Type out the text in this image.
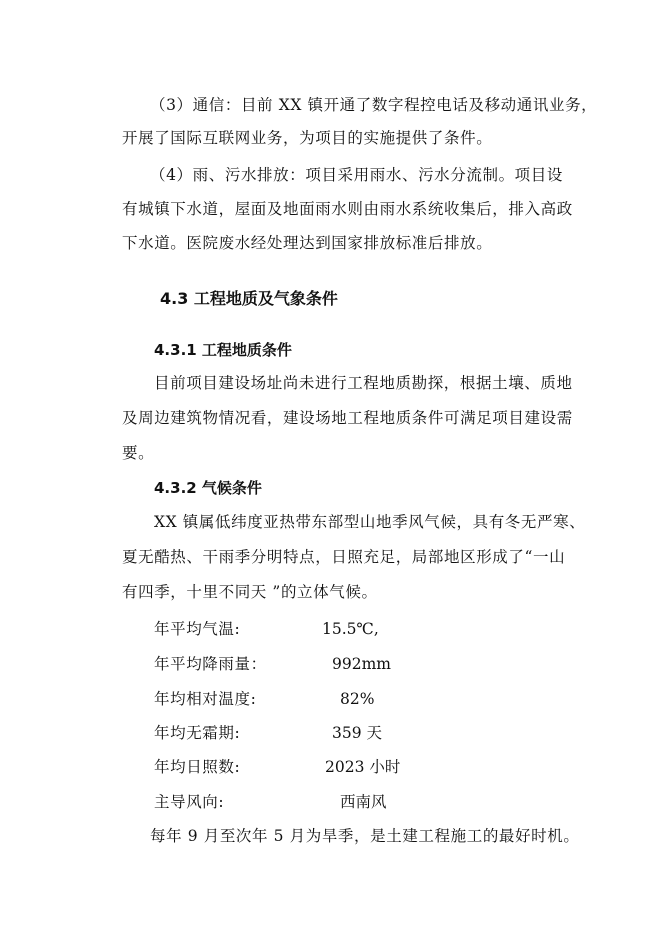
（3）通信：目前 XX 镇开通了数字程控电话及移动通讯业务，
开展了国际互联网业务，为项目的实施提供了条件。
（4）雨、污水排放：项目采用雨水、污水分流制。项目设
有城镇下水道，屋面及地面雨水则由雨水系统收集后，排入高政
下水道。医院废水经处理达到国家排放标准后排放。
4.3 工程地质及气象条件
4.3.1 工程地质条件
目前项目建设场址尚未进行工程地质勘探，根据土壤、质地
及周边建筑物情况看，建设场地工程地质条件可满足项目建设需
要。
4.3.2 气候条件
XX 镇属低纬度亚热带东部型山地季风气候，具有冬无严寒、
夏无酷热、干雨季分明特点，日照充足，局部地区形成了“一山
有四季，十里不同天 ”的立体气候。
年平均气温:	15.5℃,
年平均降雨量：	992mm
年均相对温度:	82%
年均无霜期:	359 天
年均日照数:	2023 小时
主导风向:	西南风
每年 9 月至次年 5 月为旱季，是土建工程施工的最好时机。
